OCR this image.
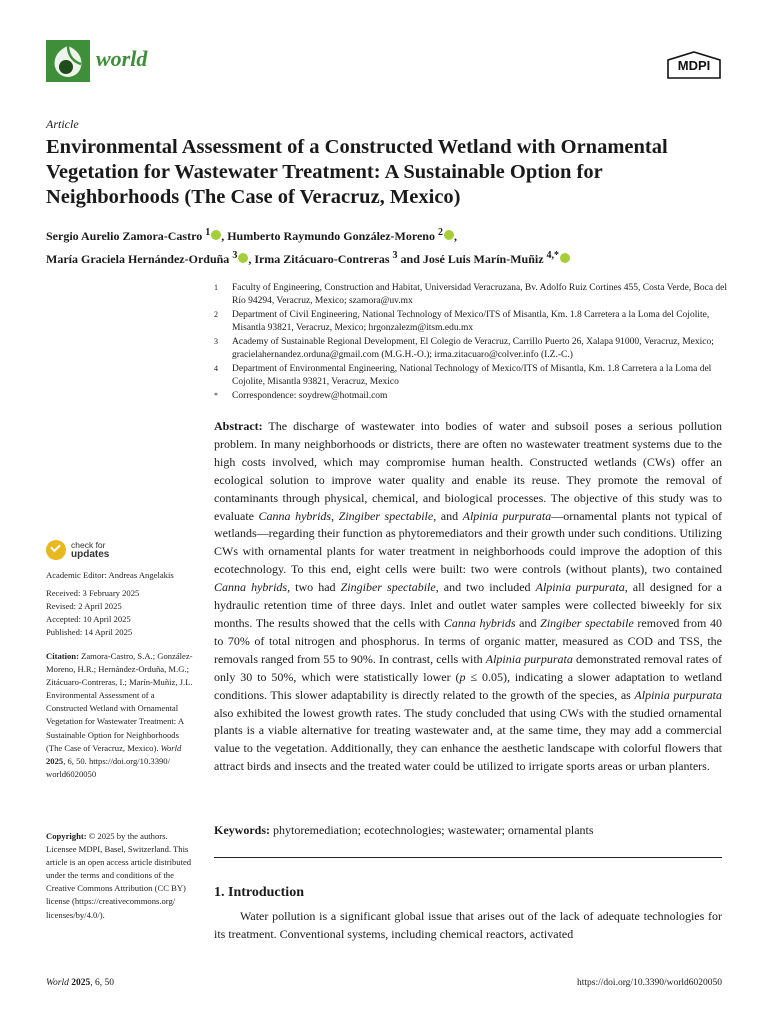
world	MDPI
Article
Environmental Assessment of a Constructed Wetland with Ornamental Vegetation for Wastewater Treatment: A Sustainable Option for Neighborhoods (The Case of Veracruz, Mexico)
Sergio Aurelio Zamora-Castro $^1$ , Humberto Raymundo González-Moreno $^2$ ,
María Graciela Hernández-Orduña $^3$ , Irma Zitácuaro-Contreras $^3$ and José Luis Marín-Muñiz $^{4,*}$
1 Faculty of Engineering, Construction and Habitat, Universidad Veracruzana, Bv. Adolfo Ruiz Cortines 455, Costa Verde, Boca del Río 94294, Veracruz, Mexico; szamora@uv.mx
2 Department of Civil Engineering, National Technology of Mexico/ITS of Misantla, Km. 1.8 Carretera a la Loma del Cojolite, Misantla 93821, Veracruz, Mexico; hrgonzalezm@itsm.edu.mx
3 Academy of Sustainable Regional Development, El Colegio de Veracruz, Carrillo Puerto 26, Xalapa 91000, Veracruz, Mexico; gracielahernandez.orduna@gmail.com (M.G.H.-O.); irma.zitacuaro@colver.info (I.Z.-C.)
4 Department of Environmental Engineering, National Technology of Mexico/ITS of Misantla, Km. 1.8 Carretera a la Loma del Cojolite, Misantla 93821, Veracruz, Mexico
* Correspondence: soydrew@hotmail.com
Abstract: The discharge of wastewater into bodies of water and subsoil poses a serious pollution problem. In many neighborhoods or districts, there are often no wastewater treatment systems due to the high costs involved, which may compromise human health. Constructed wetlands (CWs) offer an ecological solution to improve water quality and enable its reuse. They promote the removal of contaminants through physical, chemical, and biological processes. The objective of this study was to evaluate Canna hybrids, Zingiber spectabile, and Alpinia purpurata—ornamental plants not typical of wetlands—regarding their function as phytoremediators and their growth under such conditions. Utilizing CWs with ornamental plants for water treatment in neighborhoods could improve the adoption of this ecotechnology. To this end, eight cells were built: two were controls (without plants), two contained Canna hybrids, two had Zingiber spectabile, and two included Alpinia purpurata, all designed for a hydraulic retention time of three days. Inlet and outlet water samples were collected biweekly for six months. The results showed that the cells with Canna hybrids and Zingiber spectabile removed from 40 to 70% of total nitrogen and phosphorus. In terms of organic matter, measured as COD and TSS, the removals ranged from 55 to 90%. In contrast, cells with Alpinia purpurata demonstrated removal rates of only 30 to 50%, which were statistically lower (p ≤ 0.05), indicating a slower adaptation to wetland conditions. This slower adaptability is directly related to the growth of the species, as Alpinia purpurata also exhibited the lowest growth rates. The study concluded that using CWs with the studied ornamental plants is a viable alternative for treating wastewater and, at the same time, they may add a commercial value to the vegetation. Additionally, they can enhance the aesthetic landscape with colorful flowers that attract birds and insects and the treated water could be utilized to irrigate sports areas or urban planters.
Keywords: phytoremediation; ecotechnologies; wastewater; ornamental plants
1. Introduction

Water pollution is a significant global issue that arises out of the lack of adequate technologies for its treatment. Conventional systems, including chemical reactors, activated

check for
updates
Academic Editor: Andreas Angelakis
Received: 3 February 2025
Revised: 2 April 2025
Accepted: 10 April 2025
Published: 14 April 2025
Citation: Zamora-Castro, S.A.; González-Moreno, H.R.; Hernández-Orduña, M.G.; Zitácuaro-Contreras, I.; Marín-Muñiz, J.L. Environmental Assessment of a Constructed Wetland with Ornamental Vegetation for Wastewater Treatment: A Sustainable Option for Neighborhoods (The Case of Veracruz, Mexico). World 2025, 6, 50. https://doi.org/10.3390/ world6020050
Copyright: © 2025 by the authors. Licensee MDPI, Basel, Switzerland. This article is an open access article distributed under the terms and conditions of the Creative Commons Attribution (CC BY) license (https://creativecommons.org/ licenses/by/4.0/).
World 2025, 6, 50	https://doi.org/10.3390/world6020050
